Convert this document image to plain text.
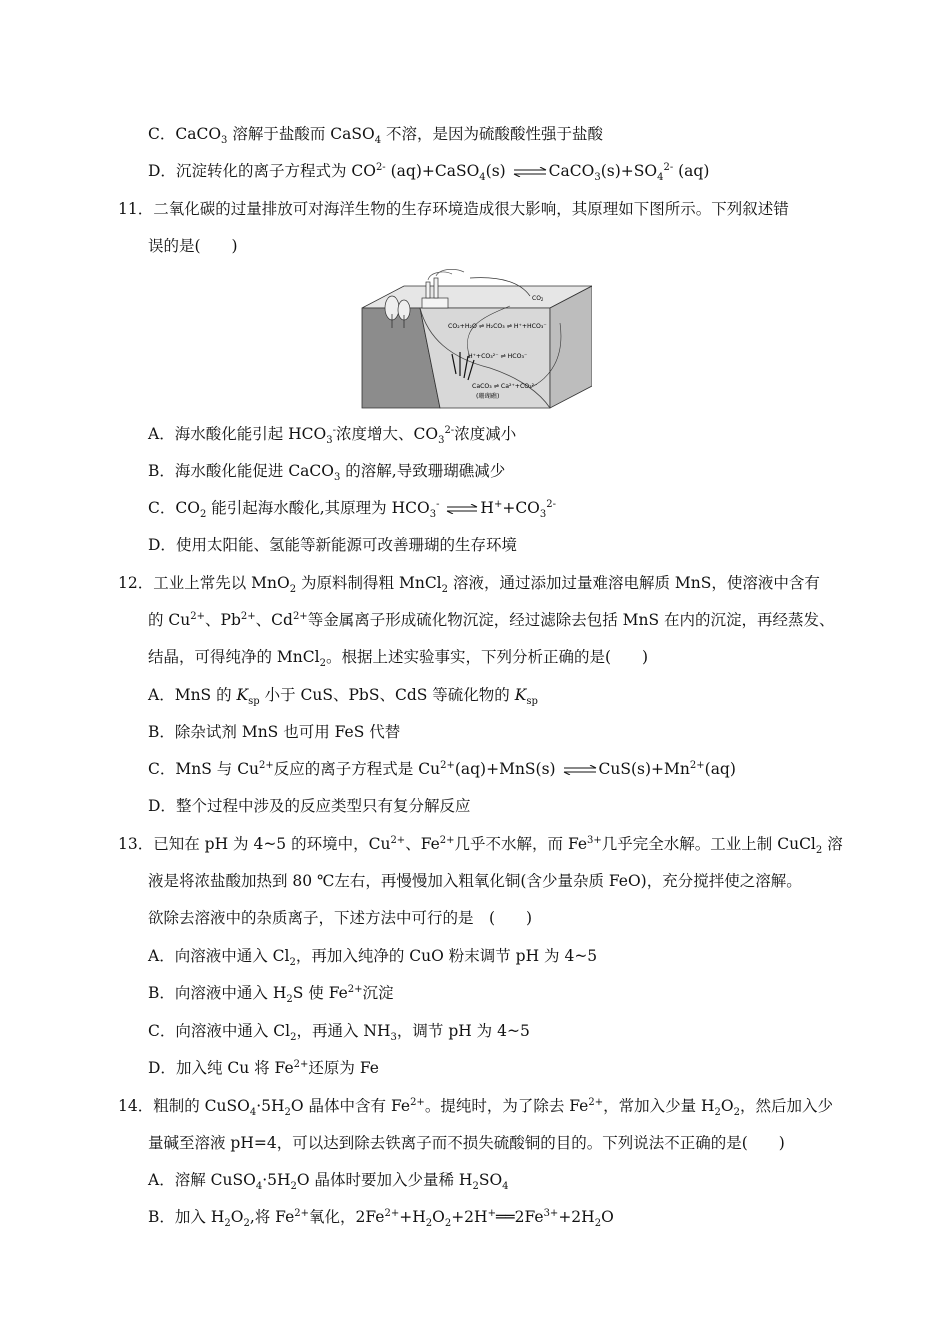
C．CaCO$_3$ 溶解于盐酸而 CaSO$_4$ 不溶，是因为硫酸酸性强于盐酸
D．沉淀转化的离子方程式为 $CO^{2-}$ (aq)+CaSO$_4$(s) ⇌ $CaCO_3(s)+SO_4^{2-}$ (aq)
11．二氧化碳的过量排放可对海洋生物的生存环境造成很大影响，其原理如下图所示。下列叙述错
误的是(　　)
CO2
CO₂+H₂O ⇌ H₂CO₃ ⇌ H⁺+HCO₃⁻
H⁺+CO₃²⁻ ⇌ HCO₃⁻
CaCO₃ ⇌ Ca²⁺+CO₃²⁻
(珊瑚礁)
A．海水酸化能引起 $HCO_3^-$浓度增大、$CO_3^{2-}$浓度减小
B．海水酸化能促进 CaCO$_3$ 的溶解,导致珊瑚礁减少
C．$CO_2$ 能引起海水酸化,其原理为 $HCO_3^-$ ⇌ $H^++CO_3^{2-}$
D．使用太阳能、氢能等新能源可改善珊瑚的生存环境
12．工业上常先以 MnO$_2$ 为原料制得粗 MnCl$_2$ 溶液，通过添加过量难溶电解质 MnS，使溶液中含有
的 $Cu^{2+}$、$Pb^{2+}$、$Cd^{2+}$等金属离子形成硫化物沉淀，经过滤除去包括 MnS 在内的沉淀，再经蒸发、
结晶，可得纯净的 MnCl$_2$。根据上述实验事实，下列分析正确的是(　　)
A．MnS 的 $K_{sp}$ 小于 CuS、PbS、CdS 等硫化物的 $K_{sp}$
B．除杂试剂 MnS 也可用 FeS 代替
C．MnS 与 $Cu^{2+}$反应的离子方程式是 $Cu^{2+}(aq)+MnS(s)$ ⇌ $CuS(s)+Mn^{2+}(aq)$
D．整个过程中涉及的反应类型只有复分解反应
13．已知在 pH 为 4~5 的环境中，$Cu^{2+}$、$Fe^{2+}$几乎不水解，而 $Fe^{3+}$几乎完全水解。工业上制 CuCl$_2$ 溶
液是将浓盐酸加热到 80 ℃左右，再慢慢加入粗氧化铜(含少量杂质 FeO)，充分搅拌使之溶解。
欲除去溶液中的杂质离子，下述方法中可行的是　(　　)
A．向溶液中通入 $Cl_2$，再加入纯净的 CuO 粉末调节 pH 为 4~5
B．向溶液中通入 $H_2S$ 使 $Fe^{2+}$沉淀
C．向溶液中通入 $Cl_2$，再通入 $NH_3$，调节 pH 为 4~5
D．加入纯 Cu 将 $Fe^{2+}$还原为 Fe
14．粗制的 $CuSO_4\cdot 5H_2O$ 晶体中含有 $Fe^{2+}$。提纯时，为了除去 $Fe^{2+}$，常加入少量 $H_2O_2$，然后加入少
量碱至溶液 pH=4，可以达到除去铁离子而不损失硫酸铜的目的。下列说法不正确的是(　　)
A．溶解 $CuSO_4\cdot 5H_2O$ 晶体时要加入少量稀 $H_2SO_4$
B．加入 $H_2O_2$,将 $Fe^{2+}$氧化，$2Fe^{2+}+H_2O_2+2H^+══2Fe^{3+}+2H_2O$
